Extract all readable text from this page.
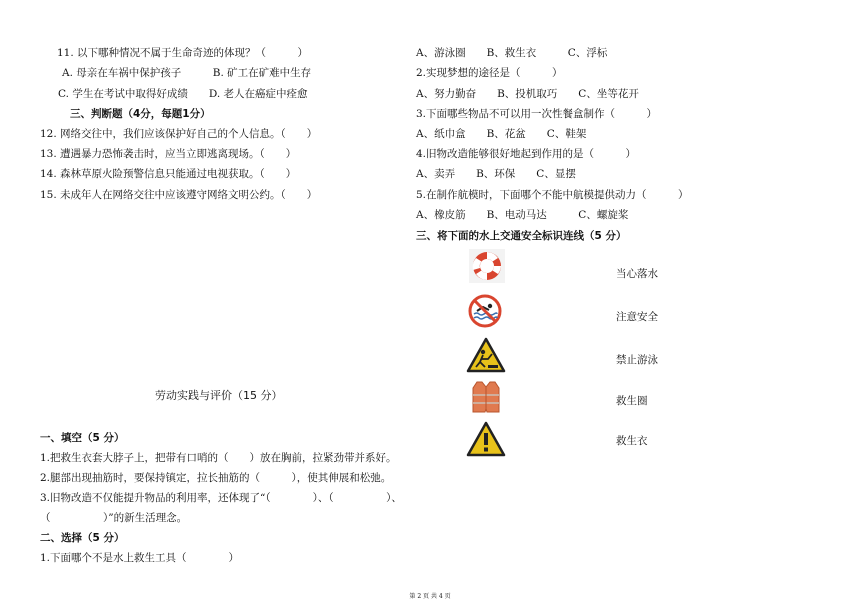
11. 以下哪种情况不属于生命奇迹的体现？（　　　）
A. 母亲在车祸中保护孩子　　　B. 矿工在矿难中生存
C. 学生在考试中取得好成绩　　D. 老人在癌症中痊愈
三、判断题（4分，每题1分）
12. 网络交往中，我们应该保护好自己的个人信息。（　　）
13. 遭遇暴力恐怖袭击时，应当立即逃离现场。（　　）
14. 森林草原火险预警信息只能通过电视获取。（　　）
15. 未成年人在网络交往中应该遵守网络文明公约。（　　）
劳动实践与评价（15 分）
一、填空（5 分）
1.把救生衣套大脖子上，把带有口哨的（　　）放在胸前，拉紧劲带并系好。
2.腿部出现抽筋时，要保持镇定，拉长抽筋的（　　　），使其伸展和松弛。
3.旧物改造不仅能提升物品的利用率，还体现了“（　　　　）、（　　　　　）、
（　　　　　）”的新生活理念。
二、选择（5 分）
1.下面哪个不是水上救生工具（　　　　）
A、游泳圈　　B、救生衣　　　C、浮标
2.实现梦想的途径是（　　　）
A、努力勤奋　　B、投机取巧　　C、坐等花开
3.下面哪些物品不可以用一次性餐盒制作（　　　）
A、纸巾盒　　B、花盆　　C、鞋架
4.旧物改造能够很好地起到作用的是（　　　）
A、卖弄　　B、环保　　C、显摆
5.在制作航模时，下面哪个不能中航模提供动力（　　　）
A、橡皮筋　　B、电动马达　　　C、螺旋桨
三、将下面的水上交通安全标识连线（5 分）
当心落水
注意安全
禁止游泳
救生圈
救生衣
第 2 页 共 4 页
